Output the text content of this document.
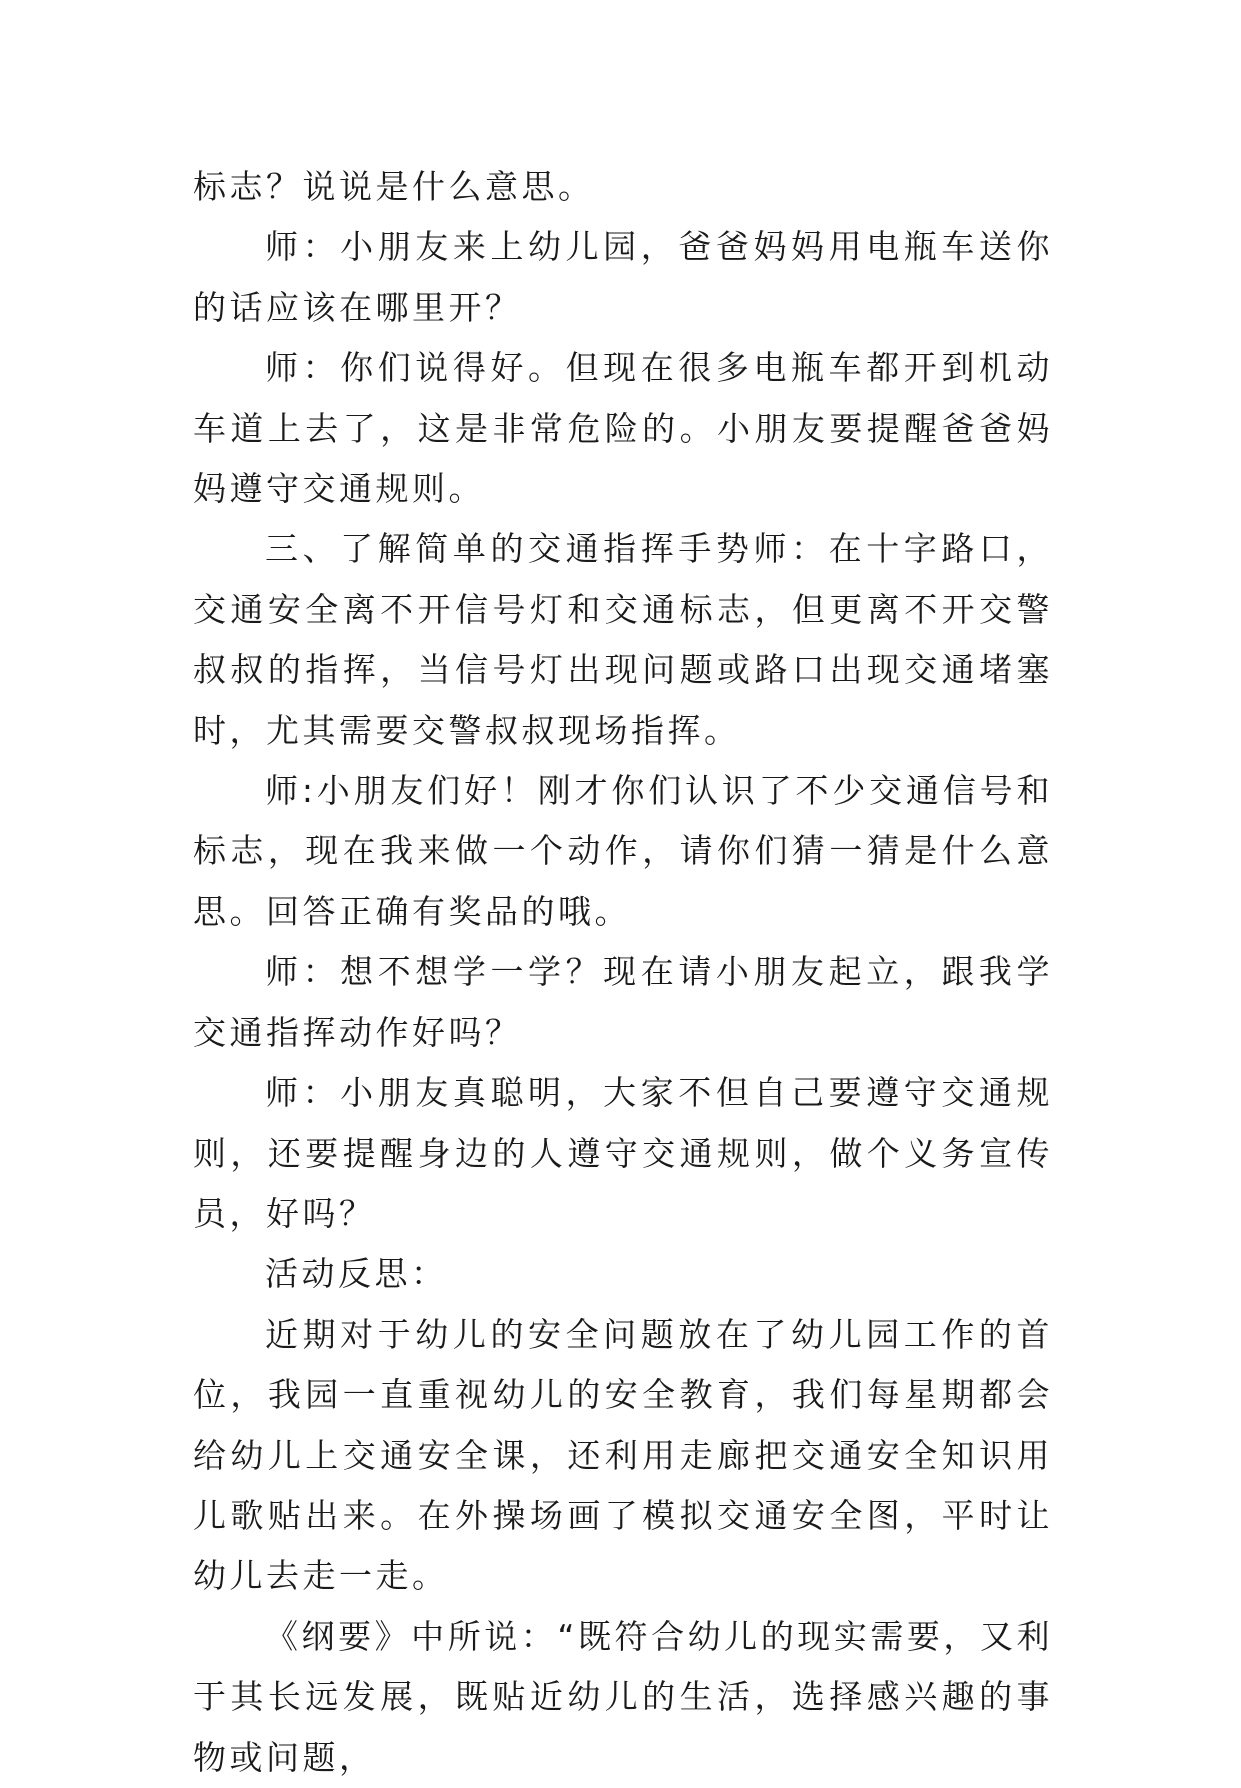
标志？说说是什么意思。

师：小朋友来上幼儿园，爸爸妈妈用电瓶车送你的话应该在哪里开？

师：你们说得好。但现在很多电瓶车都开到机动车道上去了，这是非常危险的。小朋友要提醒爸爸妈妈遵守交通规则。

三、了解简单的交通指挥手势师：在十字路口，交通安全离不开信号灯和交通标志，但更离不开交警叔叔的指挥，当信号灯出现问题或路口出现交通堵塞时，尤其需要交警叔叔现场指挥。

师:小朋友们好！刚才你们认识了不少交通信号和标志，现在我来做一个动作，请你们猜一猜是什么意思。回答正确有奖品的哦。

师：想不想学一学？现在请小朋友起立，跟我学交通指挥动作好吗？

师：小朋友真聪明，大家不但自己要遵守交通规则，还要提醒身边的人遵守交通规则，做个义务宣传员，好吗？

活动反思：

近期对于幼儿的安全问题放在了幼儿园工作的首位，我园一直重视幼儿的安全教育，我们每星期都会给幼儿上交通安全课，还利用走廊把交通安全知识用儿歌贴出来。在外操场画了模拟交通安全图，平时让幼儿去走一走。

《纲要》中所说：“既符合幼儿的现实需要，又利于其长远发展，既贴近幼儿的生活，选择感兴趣的事物或问题，
